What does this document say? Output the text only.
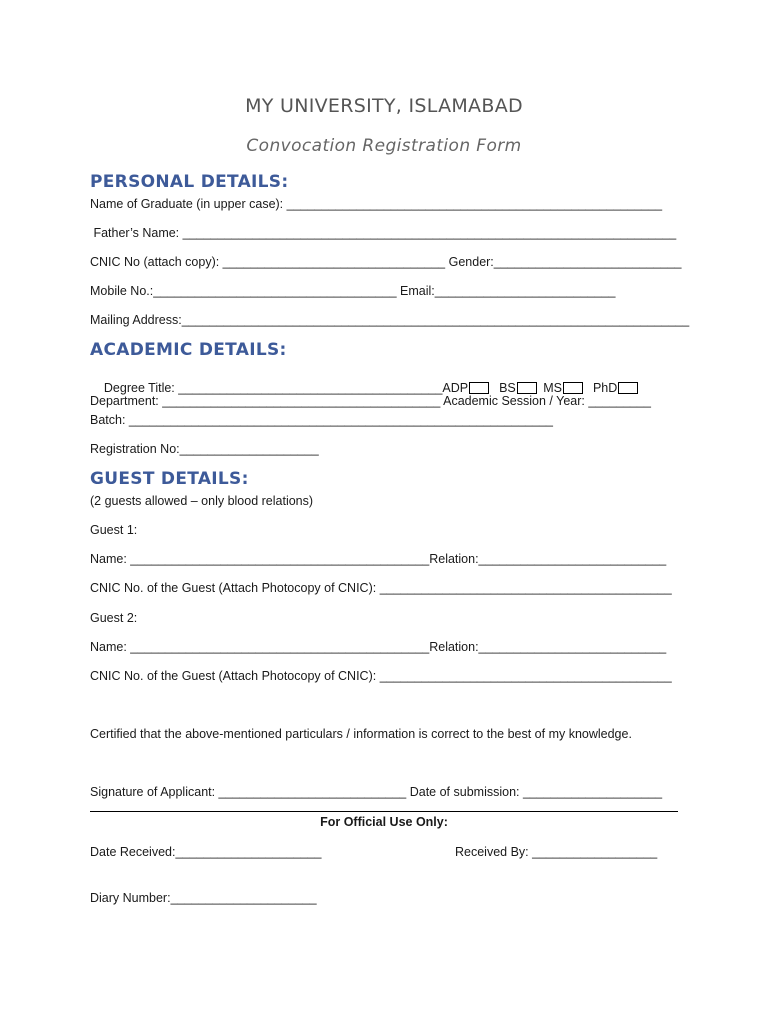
MY UNIVERSITY, ISLAMABAD
Convocation Registration Form
PERSONAL DETAILS:
Name of Graduate (in upper case): ______________________________________________________
Father’s Name: _______________________________________________________________________
CNIC No (attach copy): ________________________________ Gender:___________________________
Mobile No.:___________________________________ Email:__________________________
Mailing Address:_________________________________________________________________________
ACADEMIC DETAILS:

Degree Title: ______________________________________ADP BS MS PhD

Department: ________________________________________ Academic Session / Year: _________
Batch: _____________________________________________________________
Registration No:____________________
GUEST DETAILS:
(2 guests allowed – only blood relations)
Guest 1:
Name: ___________________________________________Relation:___________________________
CNIC No. of the Guest (Attach Photocopy of CNIC): __________________________________________
Guest 2:
Name: ___________________________________________Relation:___________________________
CNIC No. of the Guest (Attach Photocopy of CNIC): __________________________________________
Certified that the above-mentioned particulars / information is correct to the best of my knowledge.
Signature of Applicant: ___________________________ Date of submission: ____________________
For Official Use Only:
Date Received:_____________________	Received By: __________________
Diary Number:_____________________
